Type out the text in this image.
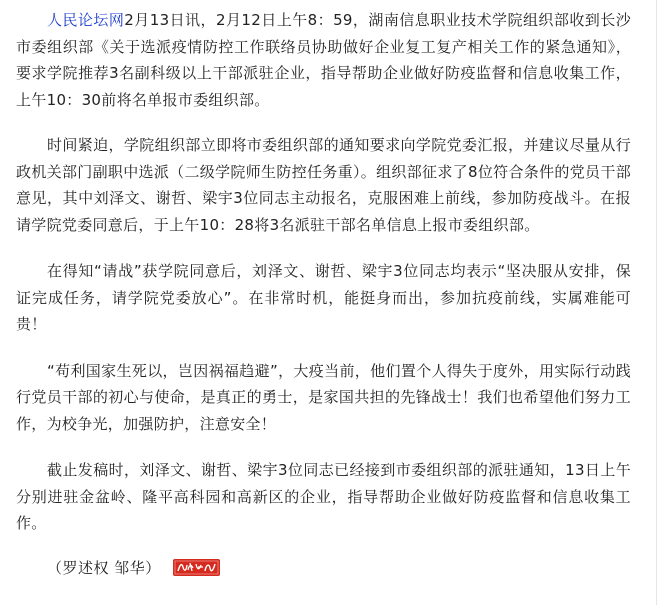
人民论坛网2月13日讯，2月12日上午8：59，湖南信息职业技术学院组织部收到长沙市委组织部《关于选派疫情防控工作联络员协助做好企业复工复产相关工作的紧急通知》，要求学院推荐3名副科级以上干部派驻企业，指导帮助企业做好防疫监督和信息收集工作，上午10：30前将名单报市委组织部。

时间紧迫，学院组织部立即将市委组织部的通知要求向学院党委汇报，并建议尽量从行政机关部门副职中选派（二级学院师生防控任务重）。组织部征求了8位符合条件的党员干部意见，其中刘泽文、谢哲、梁宇3位同志主动报名，克服困难上前线，参加防疫战斗。在报请学院党委同意后，于上午10：28将3名派驻干部名单信息上报市委组织部。

在得知“请战”获学院同意后，刘泽文、谢哲、梁宇3位同志均表示“坚决服从安排，保证完成任务，请学院党委放心”。在非常时机，能挺身而出，参加抗疫前线，实属难能可贵！

“苟利国家生死以，岂因祸福趋避”，大疫当前，他们置个人得失于度外，用实际行动践行党员干部的初心与使命，是真正的勇士，是家国共担的先锋战士！我们也希望他们努力工作，为校争光，加强防护，注意安全！

截止发稿时，刘泽文、谢哲、梁宇3位同志已经接到市委组织部的派驻通知，13日上午分别进驻金盆岭、隆平高科园和高新区的企业，指导帮助企业做好防疫监督和信息收集工作。

（罗述权 邹华）
